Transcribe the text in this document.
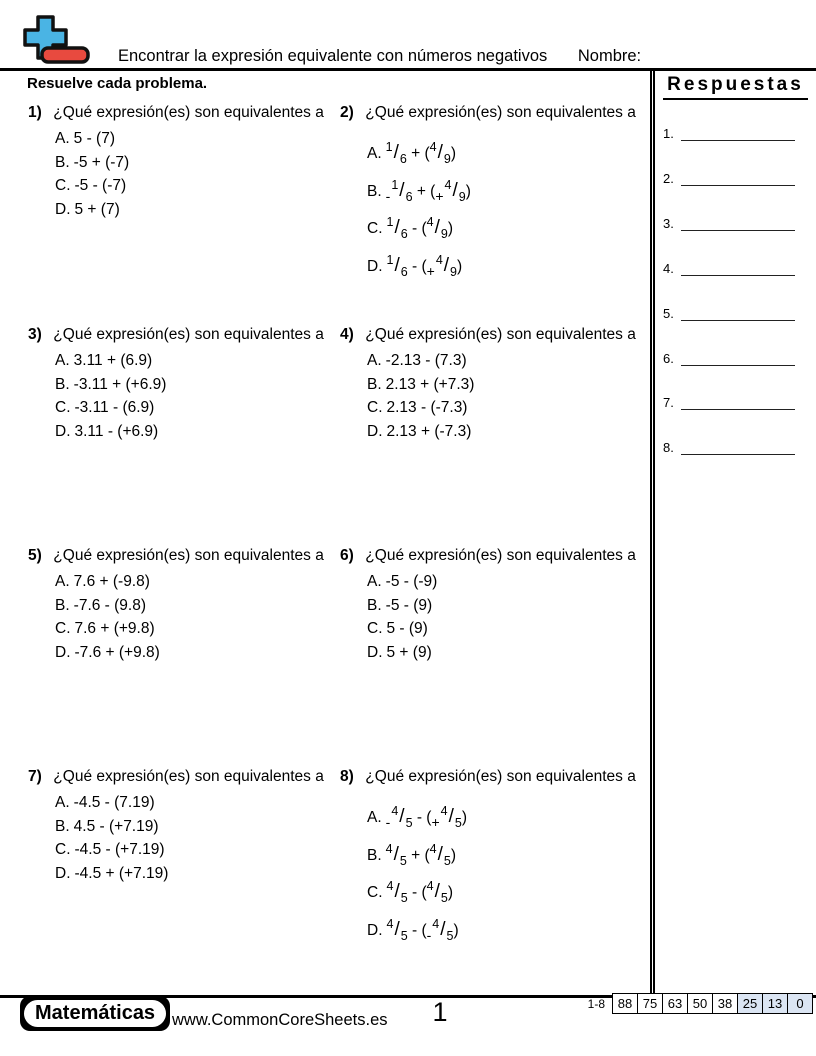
Encontrar la expresión equivalente con números negativos Nombre:
Resuelve cada problema.
1) ¿Qué expresión(es) son equivalentes a
A. 5 - (7)
B. -5 + (-7)
C. -5 - (-7)
D. 5 + (7)
2) ¿Qué expresión(es) son equivalentes a
A. $^1/_6 + (^4/_9)$
B. $-^1/_6 + (+^4/_9)$
C. $^1/_6 - (^4/_9)$
D. $^1/_6 - (+^4/_9)$
3) ¿Qué expresión(es) son equivalentes a
A. 3.11 + (6.9)
B. -3.11 + (+6.9)
C. -3.11 - (6.9)
D. 3.11 - (+6.9)
4) ¿Qué expresión(es) son equivalentes a
A. -2.13 - (7.3)
B. 2.13 + (+7.3)
C. 2.13 - (-7.3)
D. 2.13 + (-7.3)
5) ¿Qué expresión(es) son equivalentes a
A. 7.6 + (-9.8)
B. -7.6 - (9.8)
C. 7.6 + (+9.8)
D. -7.6 + (+9.8)
6) ¿Qué expresión(es) son equivalentes a
A. -5 - (-9)
B. -5 - (9)
C. 5 - (9)
D. 5 + (9)
7) ¿Qué expresión(es) son equivalentes a
A. -4.5 - (7.19)
B. 4.5 - (+7.19)
C. -4.5 - (+7.19)
D. -4.5 + (+7.19)
8) ¿Qué expresión(es) son equivalentes a
A. $-^4/_5 - (+^4/_5)$
B. $^4/_5 + (^4/_5)$
C. $^4/_5 - (^4/_5)$
D. $^4/_5 - (-^4/_5)$
Respuestas
1.
2.
3.
4.
5.
6.
7.
8.
Matemáticas	www.CommonCoreSheets.es	1	1-8 88 75 63 50 38 25 13	0
